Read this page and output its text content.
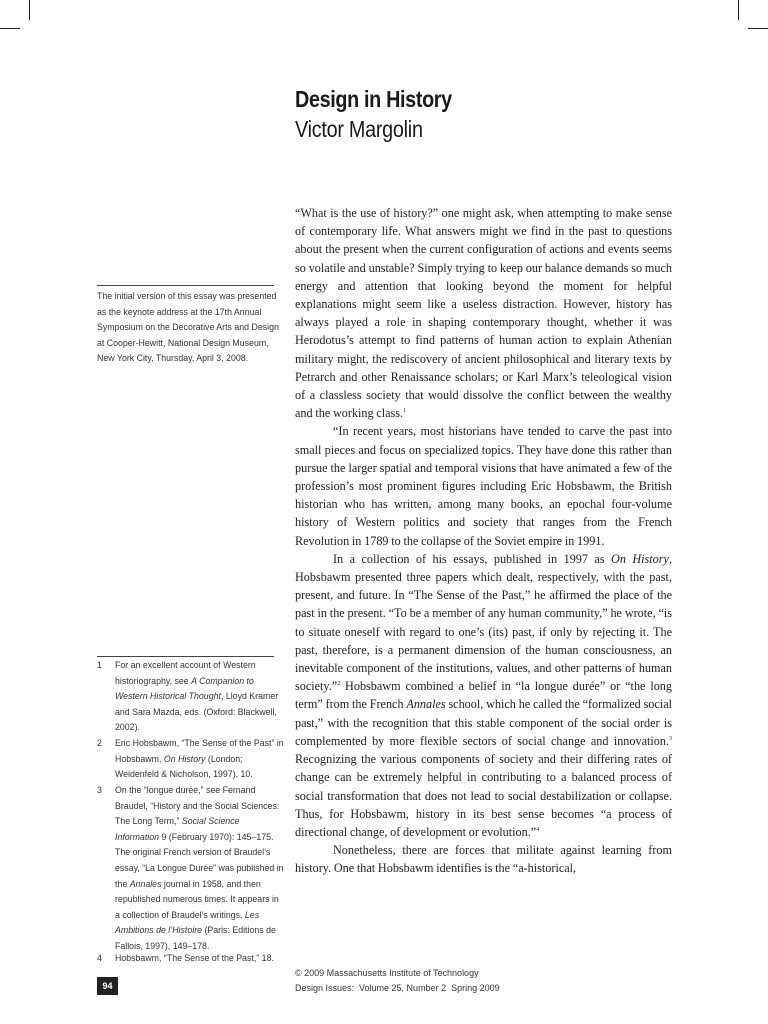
Design in History
Victor Margolin
The initial version of this essay was presented as the keynote address at the 17th Annual Symposium on the Decorative Arts and Design at Cooper-Hewitt, National Design Museum, New York City, Thursday, April 3, 2008.

“What is the use of history?” one might ask, when attempting to make sense of contemporary life. What answers might we find in the past to questions about the present when the current configuration of actions and events seems so volatile and unstable? Simply trying to keep our balance demands so much energy and attention that looking beyond the moment for helpful explanations might seem like a useless distraction. However, history has always played a role in shaping contemporary thought, whether it was Herodotus’s attempt to find patterns of human action to explain Athenian military might, the rediscovery of ancient philosophical and literary texts by Petrarch and other Renaissance scholars; or Karl Marx’s teleological vision of a classless society that would dissolve the conflict between the wealthy and the working class.$^1$

“In recent years, most historians have tended to carve the past into small pieces and focus on specialized topics. They have done this rather than pursue the larger spatial and temporal visions that have animated a few of the profession’s most prominent figures including Eric Hobsbawm, the British historian who has written, among many books, an epochal four-volume history of Western politics and society that ranges from the French Revolution in 1789 to the collapse of the Soviet empire in 1991.

In a collection of his essays, published in 1997 as On History, Hobsbawm presented three papers which dealt, respectively, with the past, present, and future. In “The Sense of the Past,” he affirmed the place of the past in the present. “To be a member of any human community,” he wrote, “is to situate oneself with regard to one’s (its) past, if only by rejecting it. The past, therefore, is a permanent dimension of the human consciousness, an inevitable component of the institutions, values, and other patterns of human society.”$^2$ Hobsbawm combined a belief in “la longue durée” or “the long term” from the French Annales school, which he called the “formalized social past,” with the recognition that this stable component of the social order is complemented by more flexible sectors of social change and innovation.$^3$ Recognizing the various components of society and their differing rates of change can be extremely helpful in contributing to a balanced process of social transformation that does not lead to social destabilization or collapse. Thus, for Hobsbawm, history in its best sense becomes “a process of directional change, of development or evolution.”$^4$

Nonetheless, there are forces that militate against learning from history. One that Hobsbawm identifies is the “a-historical,

1 For an excellent account of Western historiography, see A Companion to Western Historical Thought, Lloyd Kramer and Sara Mazda, eds. (Oxford: Blackwell, 2002).
2 Eric Hobsbawm, “The Sense of the Past” in Hobsbawm, On History (London; Weidenfeld & Nicholson, 1997), 10.
3 On the “longue durée,” see Fernand Braudel, “History and the Social Sciences: The Long Term,” Social Science Information 9 (February 1970): 145–175. The original French version of Braudel’s essay, “La Longue Durée” was published in the Annales journal in 1958, and then republished numerous times. It appears in a collection of Braudel’s writings, Les Ambitions de l’Histoire (Paris: Editions de Fallois, 1997), 149–178.
4 Hobsbawm, “The Sense of the Past,” 18.
© 2009 Massachusetts Institute of Technology
Design Issues:  Volume 25, Number 2  Spring 2009
94
